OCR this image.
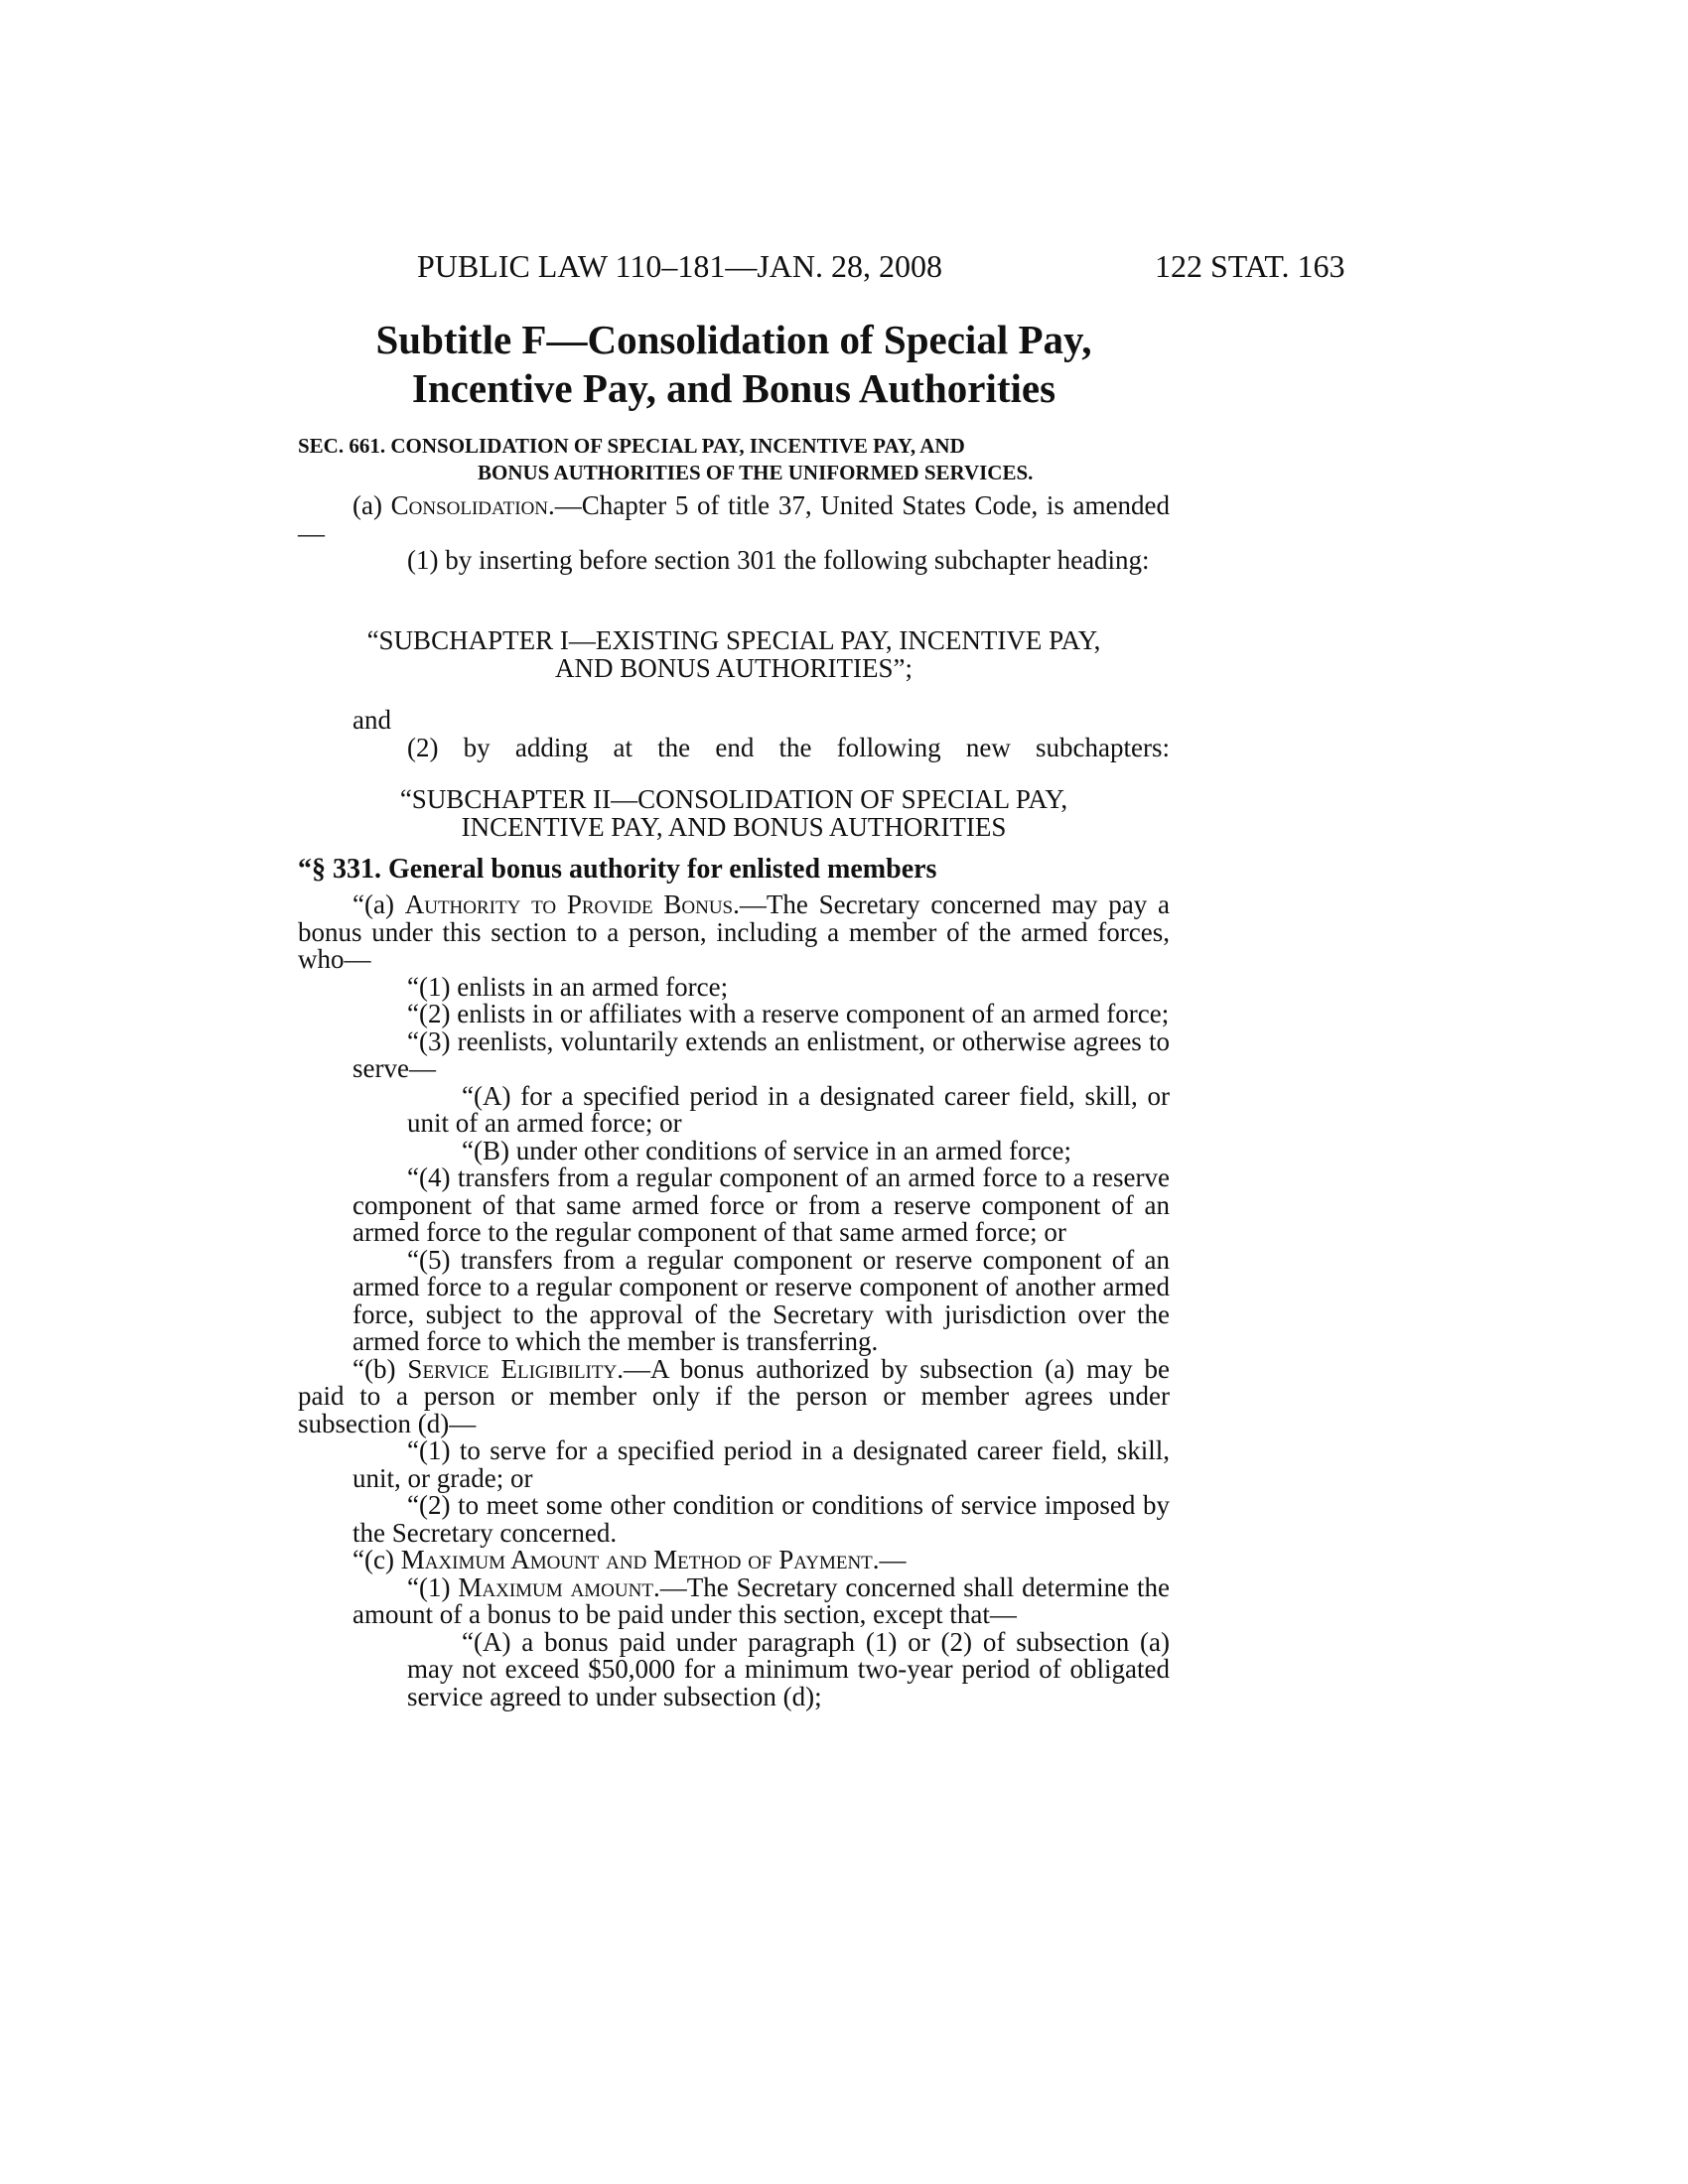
PUBLIC LAW 110–181—JAN. 28, 2008	122 STAT. 163
Subtitle F—Consolidation of Special Pay,
Incentive Pay, and Bonus Authorities
SEC. 661. CONSOLIDATION OF SPECIAL PAY, INCENTIVE PAY, AND
BONUS AUTHORITIES OF THE UNIFORMED SERVICES.

(a) Consolidation.—Chapter 5 of title 37, United States Code, is amended—

(1) by inserting before section 301 the following subchapter heading:

“SUBCHAPTER I—EXISTING SPECIAL PAY, INCENTIVE PAY,
AND BONUS AUTHORITIES”;

and

(2) by adding at the end the following new subchapters:

“SUBCHAPTER II—CONSOLIDATION OF SPECIAL PAY,
INCENTIVE PAY, AND BONUS AUTHORITIES
“§ 331. General bonus authority for enlisted members

“(a) Authority to Provide Bonus.—The Secretary concerned may pay a bonus under this section to a person, including a member of the armed forces, who—

“(1) enlists in an armed force;

“(2) enlists in or affiliates with a reserve component of an armed force;

“(3) reenlists, voluntarily extends an enlistment, or otherwise agrees to serve—

“(A) for a specified period in a designated career field, skill, or unit of an armed force; or

“(B) under other conditions of service in an armed force;

“(4) transfers from a regular component of an armed force to a reserve component of that same armed force or from a reserve component of an armed force to the regular component of that same armed force; or

“(5) transfers from a regular component or reserve component of an armed force to a regular component or reserve component of another armed force, subject to the approval of the Secretary with jurisdiction over the armed force to which the member is transferring.

“(b) Service Eligibility.—A bonus authorized by subsection (a) may be paid to a person or member only if the person or member agrees under subsection (d)—

“(1) to serve for a specified period in a designated career field, skill, unit, or grade; or

“(2) to meet some other condition or conditions of service imposed by the Secretary concerned.

“(c) Maximum Amount and Method of Payment.—

“(1) Maximum amount.—The Secretary concerned shall determine the amount of a bonus to be paid under this section, except that—

“(A) a bonus paid under paragraph (1) or (2) of subsection (a) may not exceed $50,000 for a minimum two-year period of obligated service agreed to under subsection (d);
